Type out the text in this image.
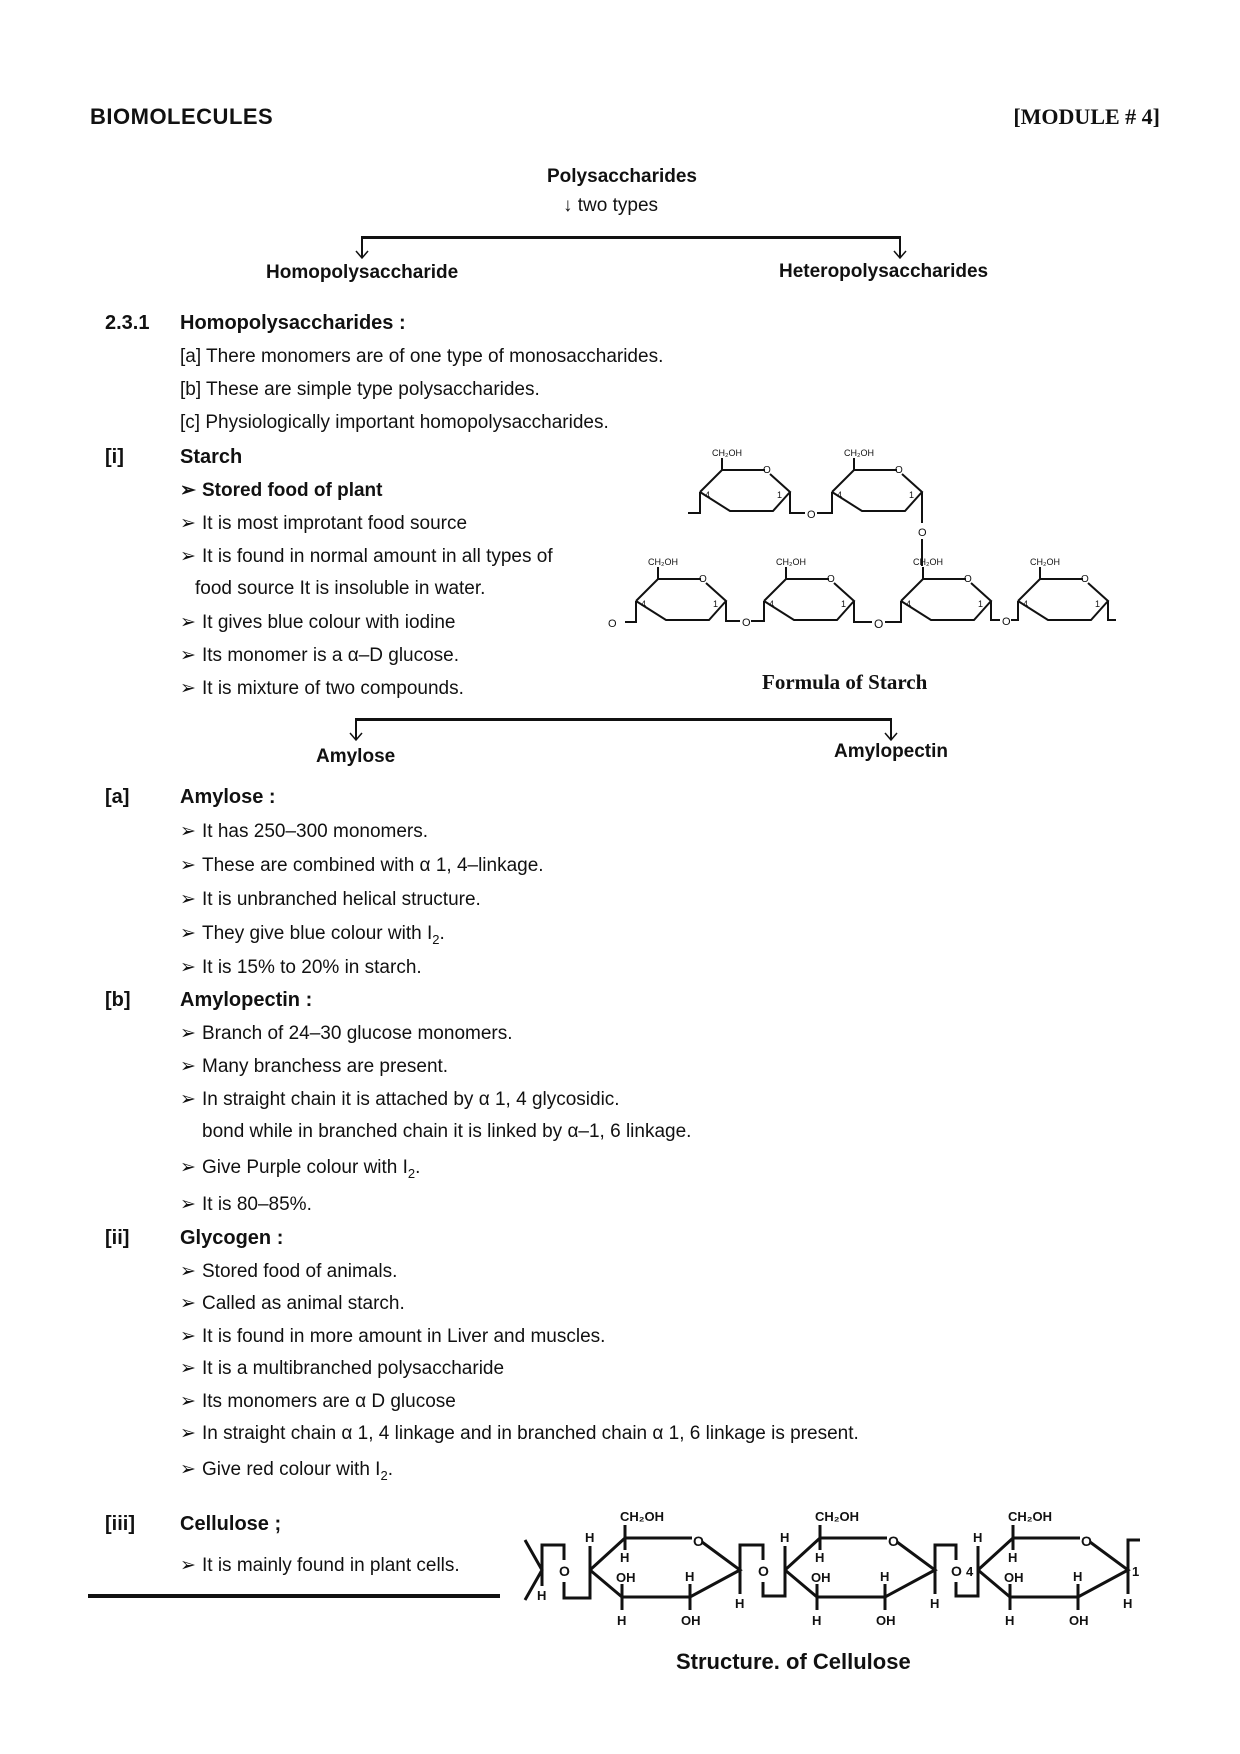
BIOMOLECULES	[MODULE # 4]
Polysaccharides
↓ two types
Homopolysaccharide	Heteropolysaccharides
2.3.1 Homopolysaccharides :
[a] There monomers are of one type of monosaccharides.
[b] These are simple type polysaccharides.
[c] Physiologically important homopolysaccharides.
[i]	Starch
➢ Stored food of plant
➢ It is most improtant food source
➢ It is found in normal amount in all types of
food source It is insoluble in water.
➢ It gives blue colour with iodine
➢ Its monomer is a α–D glucose.
➢ It is mixture of two compounds.
4	1
O
O
O	O	O	O
Formula of Starch
Amylose	Amylopectin
[a]	Amylose :
➢ It has 250–300 monomers.
➢ These are combined with α 1, 4–linkage.
➢ It is unbranched helical structure.
➢ They give blue colour with $I_2$.
➢ It is 15% to 20% in starch.
[b] Amylopectin :
➢ Branch of 24–30 glucose monomers.
➢ Many branchess are present.
➢ In straight chain it is attached by α 1, 4 glycosidic.
bond while in branched chain it is linked by α–1, 6 linkage.
➢ Give Purple colour with $I_2$.
➢ It is 80–85%.
[ii]	Glycogen :
➢ Stored food of animals.
➢ Called as animal starch.
➢ It is found in more amount in Liver and muscles.
➢ It is a multibranched polysaccharide
➢ Its monomers are α D glucose
➢ In straight chain α 1, 4 linkage and in branched chain α 1, 6 linkage is present.
➢ Give red colour with $I_2$.
[iii] Cellulose ;
➢ It is mainly found in plant cells.
OH
H
H
OH
H
O
H
O
H
O 4
H
1
Structure. of Cellulose
